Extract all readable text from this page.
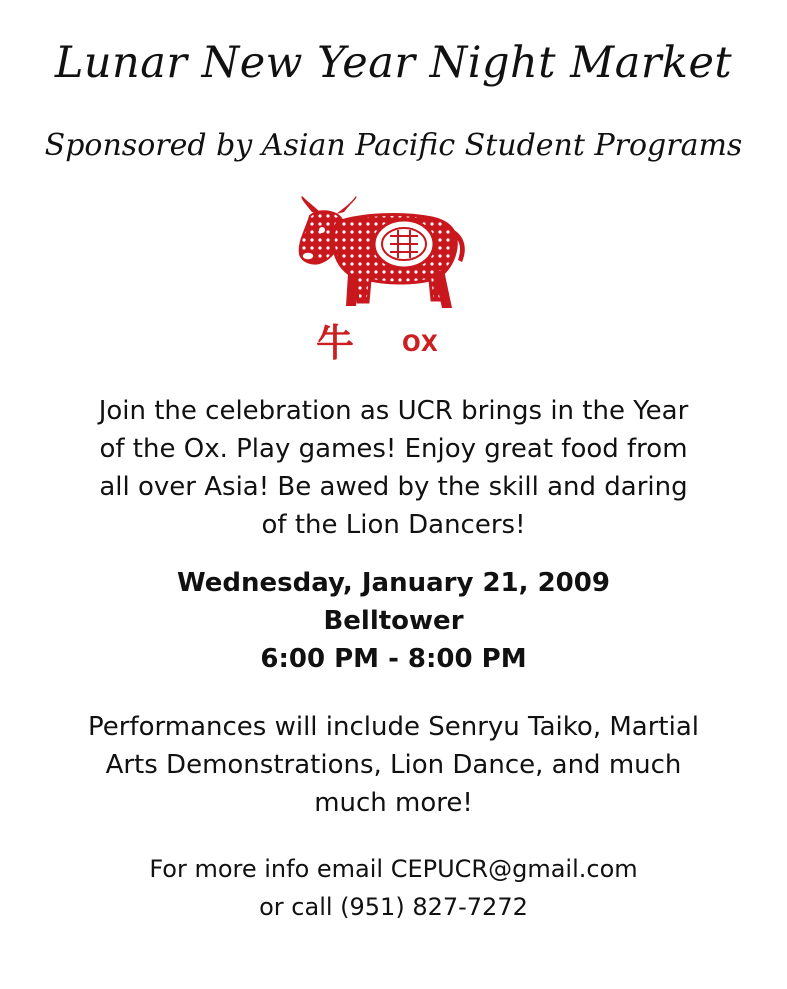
Lunar New Year Night Market
Sponsored by Asian Pacific Student Programs
牛 OX
Join the celebration as UCR brings in the Year
of the Ox. Play games! Enjoy great food from
all over Asia! Be awed by the skill and daring
of the Lion Dancers!
Wednesday, January 21, 2009
Belltower
6:00 PM - 8:00 PM
Performances will include Senryu Taiko, Martial
Arts Demonstrations, Lion Dance, and much
much more!
For more info email CEPUCR@gmail.com
or call (951) 827-7272
